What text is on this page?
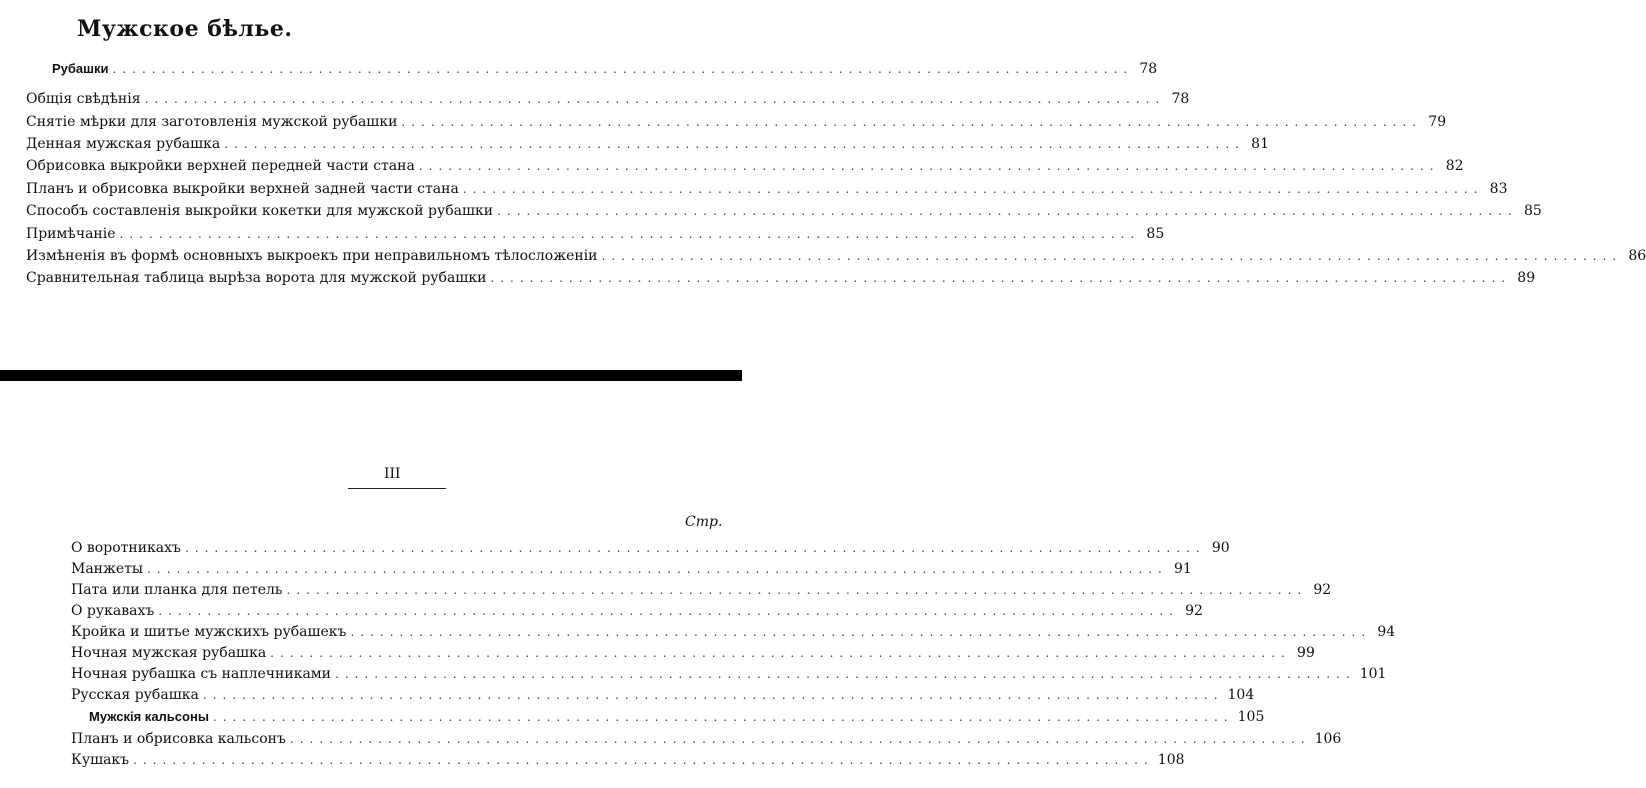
Мужское бѣлье.
Рубашки ........................................................................................................ 78
Общія свѣдѣнія ........................................................................................................ 78
Снятіе мѣрки для заготовленія мужской рубашки ........................................................................................................ 79
Денная мужская рубашка ........................................................................................................ 81
Обрисовка выкройки верхней передней части стана ........................................................................................................ 82
Планъ и обрисовка выкройки верхней задней части стана ........................................................................................................ 83
Способъ составленія выкройки кокетки для мужской рубашки ........................................................................................................ 85
Примѣчаніе ........................................................................................................ 85
Измѣненія въ формѣ основныхъ выкроекъ при неправильномъ тѣлосложеніи ........................................................................................................ 86
Сравнительная таблица вырѣза ворота для мужской рубашки ........................................................................................................ 89
III
Стр.
О воротникахъ ........................................................................................................ 90
Манжеты ........................................................................................................ 91
Пата или планка для петель ........................................................................................................ 92
О рукавахъ ........................................................................................................ 92
Кройка и шитье мужскихъ рубашекъ ........................................................................................................ 94
Ночная мужская рубашка ........................................................................................................ 99
Ночная рубашка съ наплечниками ........................................................................................................ 101
Русская рубашка ........................................................................................................ 104
Мужскія кальсоны ........................................................................................................ 105
Планъ и обрисовка кальсонъ ........................................................................................................ 106
Кушакъ ........................................................................................................ 108
